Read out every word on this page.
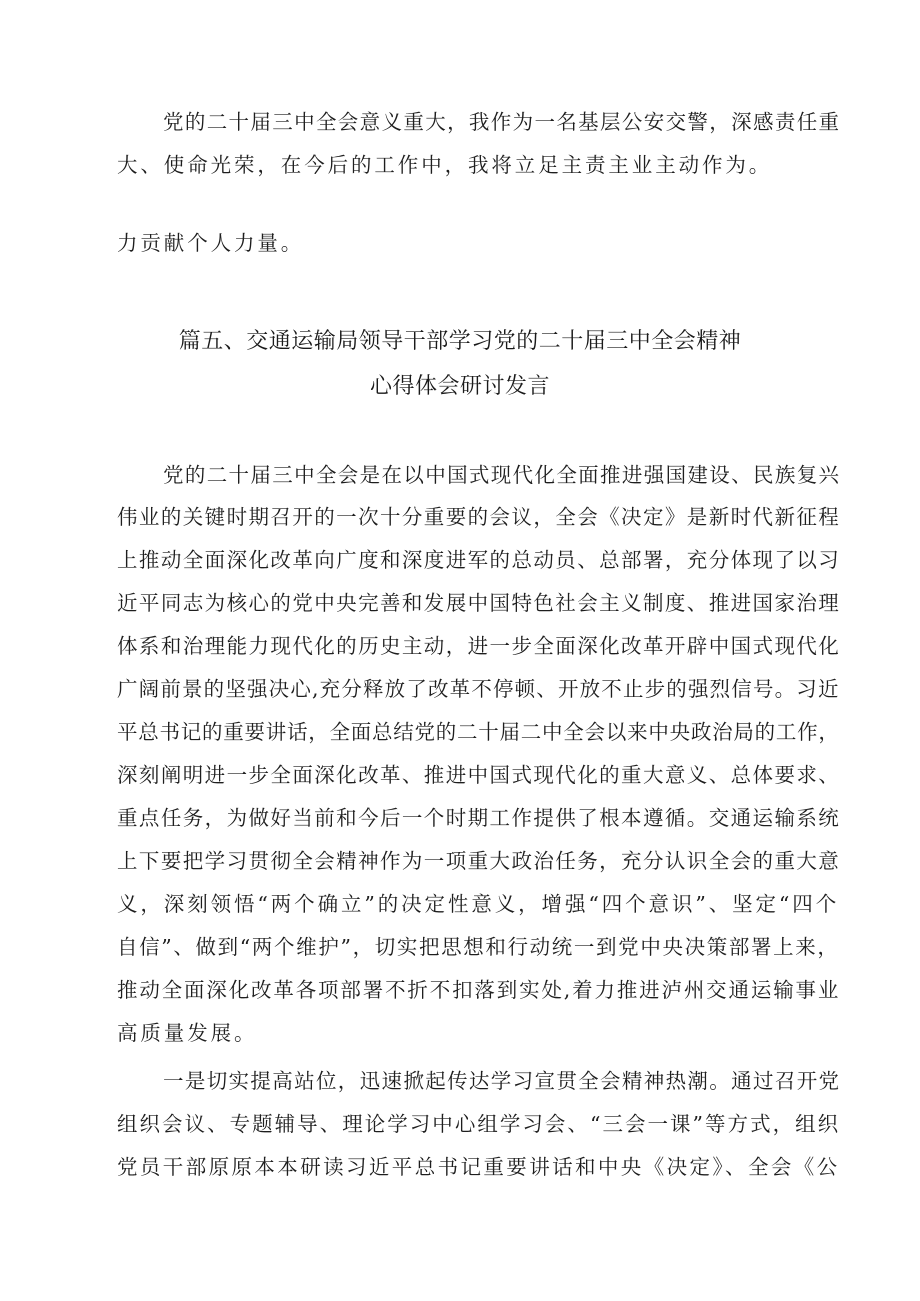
党的二十届三中全会意义重大，我作为一名基层公安交警，深感责任重
大、使命光荣，在今后的工作中，我将立足主责主业主动作为。
力贡献个人力量。
篇五、交通运输局领导干部学习党的二十届三中全会精神
心得体会研讨发言
党的二十届三中全会是在以中国式现代化全面推进强国建设、民族复兴
伟业的关键时期召开的一次十分重要的会议，全会《决定》是新时代新征程
上推动全面深化改革向广度和深度进军的总动员、总部署，充分体现了以习
近平同志为核心的党中央完善和发展中国特色社会主义制度、推进国家治理
体系和治理能力现代化的历史主动，进一步全面深化改革开辟中国式现代化
广阔前景的坚强决心,充分释放了改革不停顿、开放不止步的强烈信号。习近
平总书记的重要讲话，全面总结党的二十届二中全会以来中央政治局的工作，
深刻阐明进一步全面深化改革、推进中国式现代化的重大意义、总体要求、
重点任务，为做好当前和今后一个时期工作提供了根本遵循。交通运输系统
上下要把学习贯彻全会精神作为一项重大政治任务，充分认识全会的重大意
义，深刻领悟“两个确立”的决定性意义，增强“四个意识”、坚定“四个
自信”、做到“两个维护”，切实把思想和行动统一到党中央决策部署上来，
推动全面深化改革各项部署不折不扣落到实处,着力推进泸州交通运输事业
高质量发展。
一是切实提高站位，迅速掀起传达学习宣贯全会精神热潮。通过召开党
组织会议、专题辅导、理论学习中心组学习会、“三会一课”等方式，组织
党员干部原原本本研读习近平总书记重要讲话和中央《决定》、全会《公
